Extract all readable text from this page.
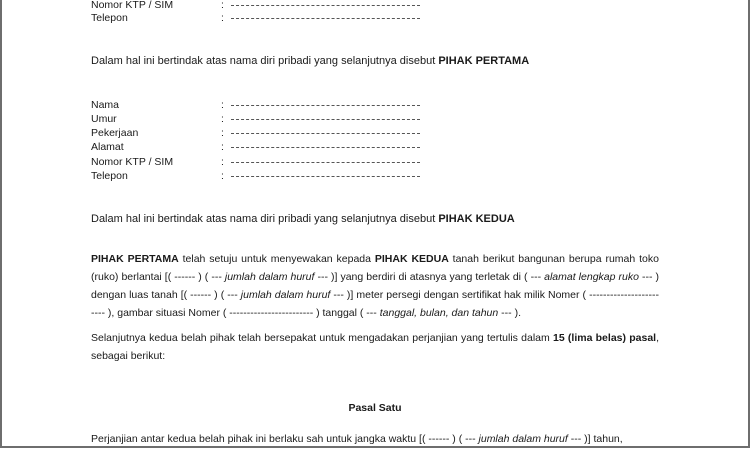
Nomor KTP / SIM	:
Telepon	:
Dalam hal ini bertindak atas nama diri pribadi yang selanjutnya disebut PIHAK PERTAMA
Nama	:
Umur	:
Pekerjaan	:
Alamat	:
Nomor KTP / SIM	:
Telepon	:
Dalam hal ini bertindak atas nama diri pribadi yang selanjutnya disebut PIHAK KEDUA

PIHAK PERTAMA telah setuju untuk menyewakan kepada PIHAK KEDUA tanah berikut bangunan berupa rumah toko (ruko) berlantai [( ------ ) ( --- jumlah dalam huruf --- )] yang berdiri di atasnya yang terletak di ( --- alamat lengkap ruko --- ) dengan luas tanah [( ------ ) ( --- jumlah dalam huruf --- )] meter persegi dengan sertifikat hak milik Nomer ( ------------------------ ), gambar situasi Nomer ( ------------------------ ) tanggal ( --- tanggal, bulan, dan tahun --- ).

Selanjutnya kedua belah pihak telah bersepakat untuk mengadakan perjanjian yang tertulis dalam 15 (lima belas) pasal, sebagai berikut:

Pasal Satu

Perjanjian antar kedua belah pihak ini berlaku sah untuk jangka waktu [( ------ ) ( --- jumlah dalam huruf --- )] tahun,
